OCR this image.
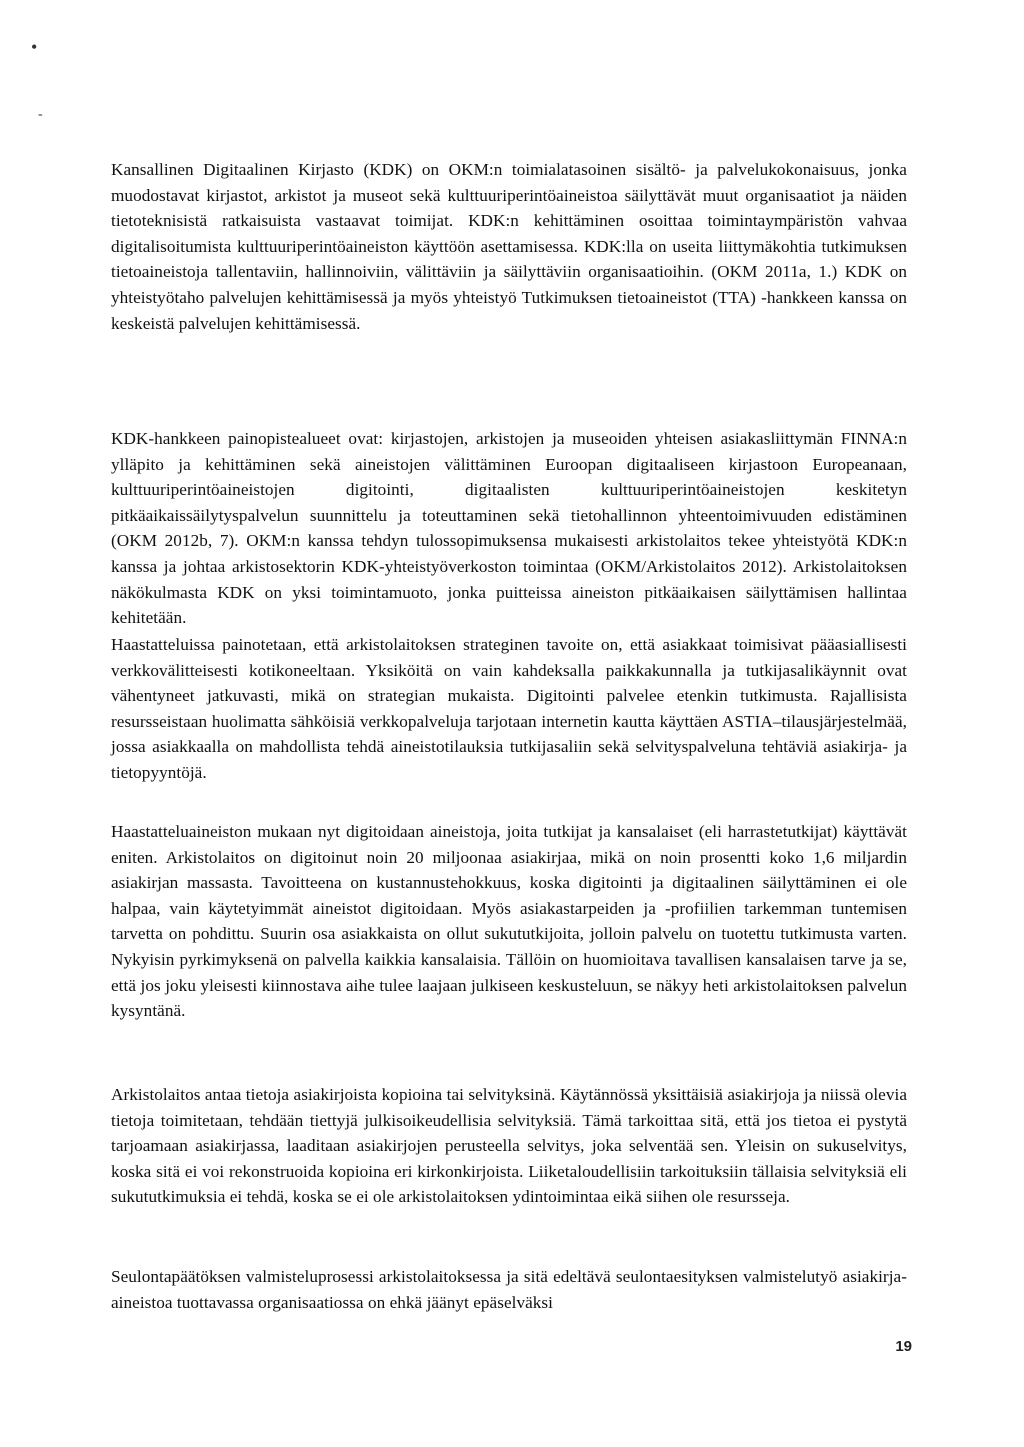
•
-

Kansallinen Digitaalinen Kirjasto (KDK) on OKM:n toimialatasoinen sisältö- ja palvelukokonaisuus, jonka muodostavat kirjastot, arkistot ja museot sekä kulttuuriperintöaineistoa säilyttävät muut organisaatiot ja näiden tietoteknisistä ratkaisuista vastaavat toimijat. KDK:n kehittäminen osoittaa toimintaympäristön vahvaa digitalisoitumista kulttuuriperintöaineiston käyttöön asettamisessa. KDK:lla on useita liittymäkohtia tutkimuksen tietoaineistoja tallentaviin, hallinnoiviin, välittäviin ja säilyttäviin organisaatioihin. (OKM 2011a, 1.) KDK on yhteistyötaho palvelujen kehittämisessä ja myös yhteistyö Tutkimuksen tietoaineistot (TTA) -hankkeen kanssa on keskeistä palvelujen kehittämisessä.

KDK-hankkeen painopistealueet ovat: kirjastojen, arkistojen ja museoiden yhteisen asiakasliittymän FINNA:n ylläpito ja kehittäminen sekä aineistojen välittäminen Euroopan digitaaliseen kirjastoon Europeanaan, kulttuuriperintöaineistojen digitointi, digitaalisten kulttuuriperintöaineistojen keskitetyn pitkäaikaissäilytyspalvelun suunnittelu ja toteuttaminen sekä tietohallinnon yhteentoimivuuden edistäminen (OKM 2012b, 7). OKM:n kanssa tehdyn tulossopimuksensa mukaisesti arkistolaitos tekee yhteistyötä KDK:n kanssa ja johtaa arkistosektorin KDK-yhteistyöverkoston toimintaa (OKM/Arkistolaitos 2012). Arkistolaitoksen näkökulmasta KDK on yksi toimintamuoto, jonka puitteissa aineiston pitkäaikaisen säilyttämisen hallintaa kehitetään.

Haastatteluissa painotetaan, että arkistolaitoksen strateginen tavoite on, että asiakkaat toimisivat pääasiallisesti verkkovälitteisesti kotikoneeltaan. Yksiköitä on vain kahdeksalla paikkakunnalla ja tutkijasalikäynnit ovat vähentyneet jatkuvasti, mikä on strategian mukaista. Digitointi palvelee etenkin tutkimusta. Rajallisista resursseistaan huolimatta sähköisiä verkkopalveluja tarjotaan internetin kautta käyttäen ASTIA–tilausjärjestelmää, jossa asiakkaalla on mahdollista tehdä aineistotilauksia tutkijasaliin sekä selvityspalveluna tehtäviä asiakirja- ja tietopyyntöjä.

Haastatteluaineiston mukaan nyt digitoidaan aineistoja, joita tutkijat ja kansalaiset (eli harrastetutkijat) käyttävät eniten. Arkistolaitos on digitoinut noin 20 miljoonaa asiakirjaa, mikä on noin prosentti koko 1,6 miljardin asiakirjan massasta. Tavoitteena on kustannustehokkuus, koska digitointi ja digitaalinen säilyttäminen ei ole halpaa, vain käytetyimmät aineistot digitoidaan. Myös asiakastarpeiden ja -profiilien tarkemman tuntemisen tarvetta on pohdittu. Suurin osa asiakkaista on ollut sukututkijoita, jolloin palvelu on tuotettu tutkimusta varten. Nykyisin pyrkimyksenä on palvella kaikkia kansalaisia. Tällöin on huomioitava tavallisen kansalaisen tarve ja se, että jos joku yleisesti kiinnostava aihe tulee laajaan julkiseen keskusteluun, se näkyy heti arkistolaitoksen palvelun kysyntänä.

Arkistolaitos antaa tietoja asiakirjoista kopioina tai selvityksinä. Käytännössä yksittäisiä asiakirjoja ja niissä olevia tietoja toimitetaan, tehdään tiettyjä julkisoikeudellisia selvityksiä. Tämä tarkoittaa sitä, että jos tietoa ei pystytä tarjoamaan asiakirjassa, laaditaan asiakirjojen perusteella selvitys, joka selventää sen. Yleisin on sukuselvitys, koska sitä ei voi rekonstruoida kopioina eri kirkonkirjoista. Liiketaloudellisiin tarkoituksiin tällaisia selvityksiä eli sukututkimuksia ei tehdä, koska se ei ole arkistolaitoksen ydintoimintaa eikä siihen ole resursseja.

Seulontapäätöksen valmisteluprosessi arkistolaitoksessa ja sitä edeltävä seulontaesityksen valmistelutyö asiakirja-aineistoa tuottavassa organisaatiossa on ehkä jäänyt epäselväksi

19
